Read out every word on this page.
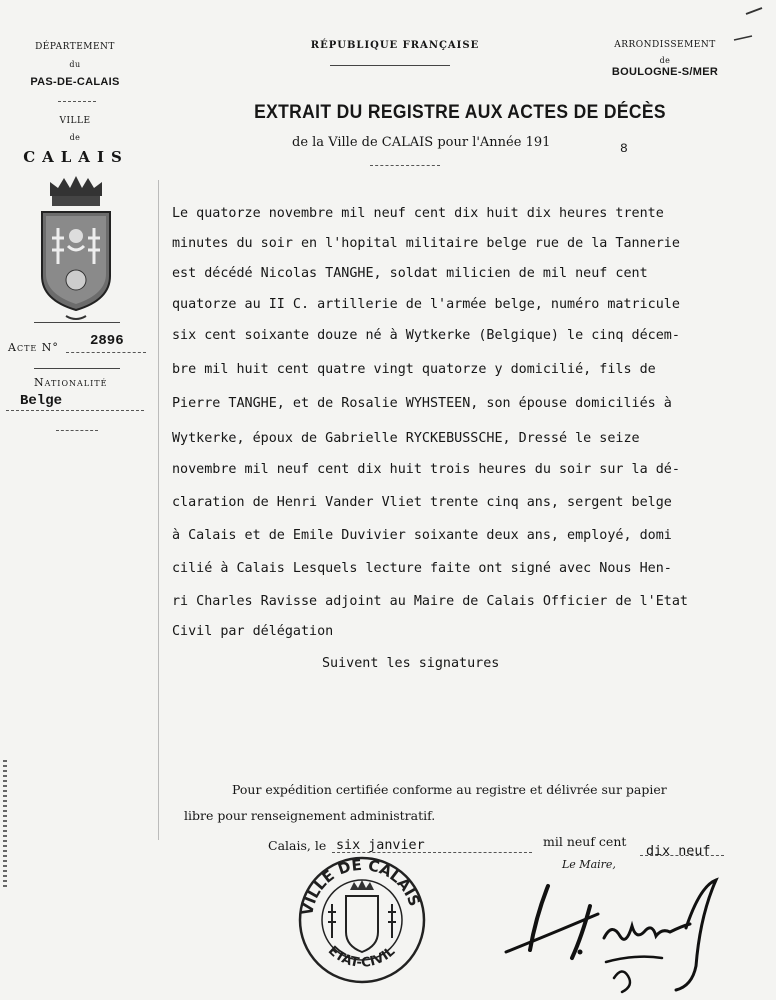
DÉPARTEMENT
du
PAS-DE-CALAIS
VILLE
de
CALAIS
Acte N° 2896
Nationalité
Belge
RÉPUBLIQUE FRANÇAISE	ARRONDISSEMENT
de
BOULOGNE-S/MER
EXTRAIT DU REGISTRE AUX ACTES DE DÉCÈS
de la Ville de CALAIS pour l'Année 191	8
Le quatorze novembre mil neuf cent dix huit dix heures trente
minutes du soir en l'hopital militaire belge rue de la Tannerie
est décédé Nicolas TANGHE, soldat milicien de mil neuf cent
quatorze au II C. artillerie de l'armée belge, numéro matricule
six cent soixante douze né à Wytkerke (Belgique) le cinq décem-
bre mil huit cent quatre vingt quatorze y domicilié, fils de
Pierre TANGHE, et de Rosalie WYHSTEEN, son épouse domiciliés à
Wytkerke, époux de Gabrielle RYCKEBUSSCHE, Dressé le seize
novembre mil neuf cent dix huit trois heures du soir sur la dé-
claration de Henri Vander Vliet trente cinq ans, sergent belge
à Calais et de Emile Duvivier soixante deux ans, employé, domi
cilié à Calais Lesquels lecture faite ont signé avec Nous Hen-
ri Charles Ravisse adjoint au Maire de Calais Officier de l'Etat
Civil par délégation
Suivent les signatures
Pour expédition certifiée conforme au registre et délivrée sur papier
libre pour renseignement administratif.
Calais, le six janvier	mil neuf cent
dix neuf
Le Maire,
VILLE DE CALAIS
ETAT-CIVIL
